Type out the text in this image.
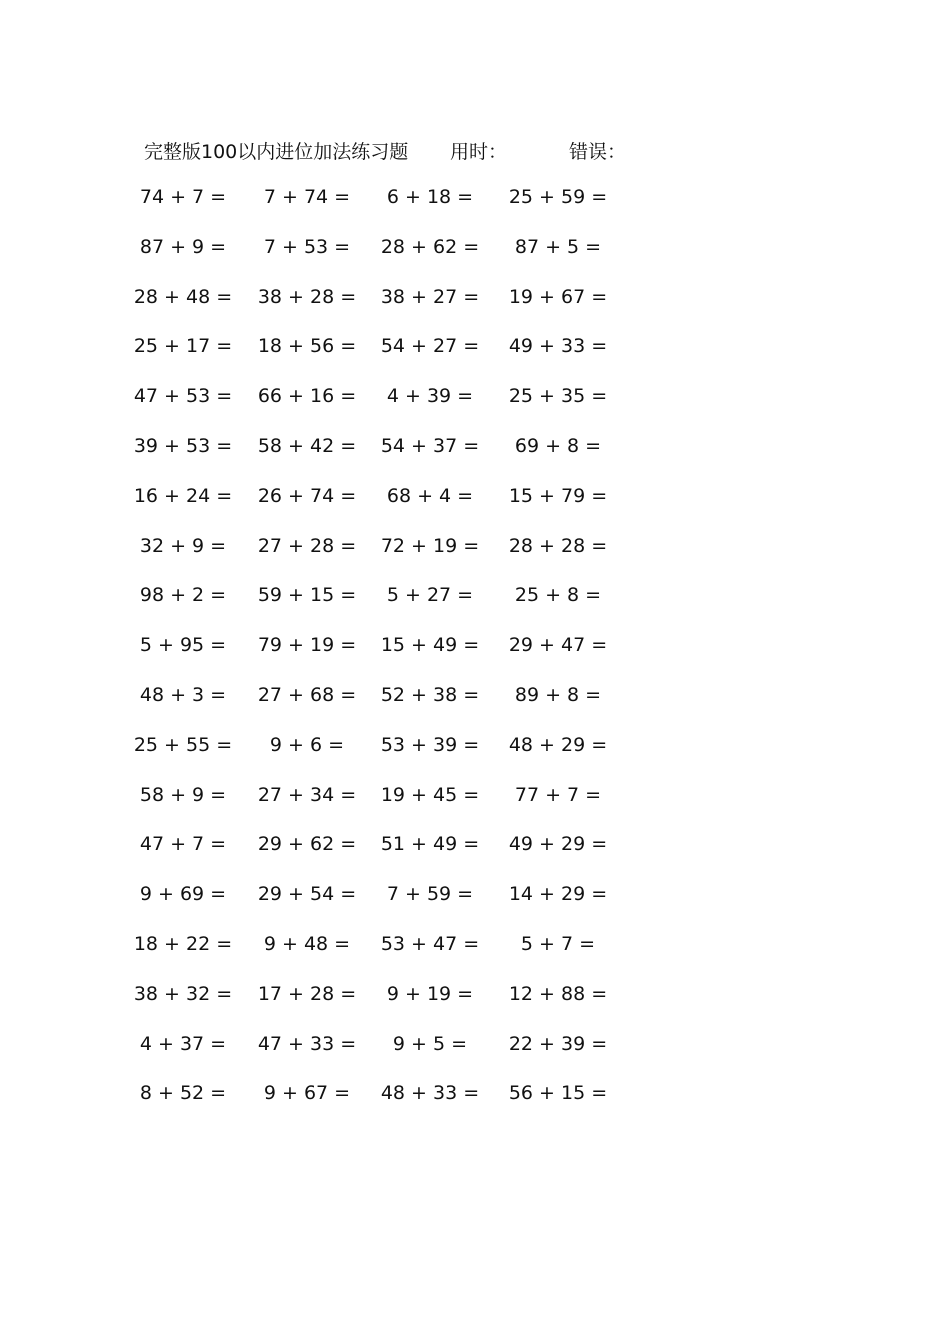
完整版100以内进位加法练习题 用时：	错误：
74 + 7 =	7 + 74 =	6 + 18 =	25 + 59 =
87 + 9 =	7 + 53 =	28 + 62 =	87 + 5 =
28 + 48 =	38 + 28 =	38 + 27 =	19 + 67 =
25 + 17 =	18 + 56 =	54 + 27 =	49 + 33 =
47 + 53 =	66 + 16 =	4 + 39 =	25 + 35 =
39 + 53 =	58 + 42 =	54 + 37 =	69 + 8 =
16 + 24 =	26 + 74 =	68 + 4 =	15 + 79 =
32 + 9 =	27 + 28 =	72 + 19 =	28 + 28 =
98 + 2 =	59 + 15 =	5 + 27 =	25 + 8 =
5 + 95 =	79 + 19 =	15 + 49 =	29 + 47 =
48 + 3 =	27 + 68 =	52 + 38 =	89 + 8 =
25 + 55 =	9 + 6 =	53 + 39 =	48 + 29 =
58 + 9 =	27 + 34 =	19 + 45 =	77 + 7 =
47 + 7 =	29 + 62 =	51 + 49 =	49 + 29 =
9 + 69 =	29 + 54 =	7 + 59 =	14 + 29 =
18 + 22 =	9 + 48 =	53 + 47 =	5 + 7 =
38 + 32 =	17 + 28 =	9 + 19 =	12 + 88 =
4 + 37 =	47 + 33 =	9 + 5 =	22 + 39 =
8 + 52 =	9 + 67 =	48 + 33 =	56 + 15 =
